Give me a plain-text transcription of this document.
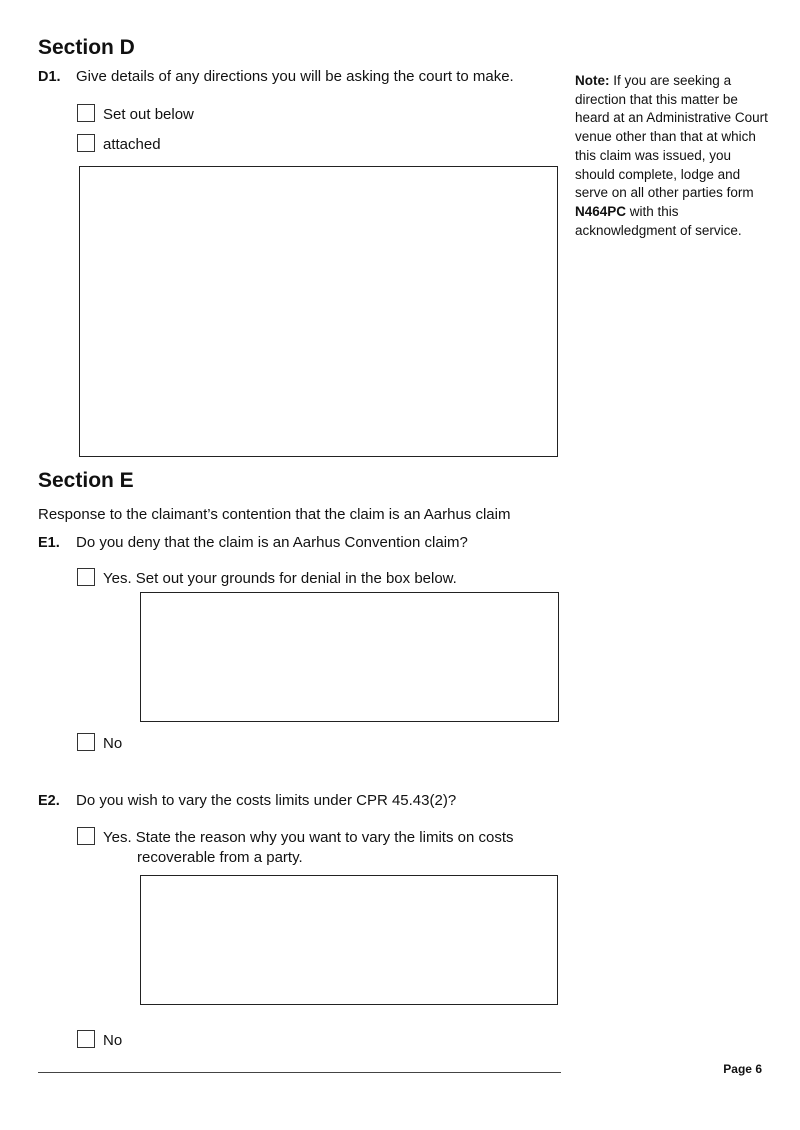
Section D
D1. Give details of any directions you will be asking the court to make.
Set out below
attached
Note: If you are seeking a direction that this matter be heard at an Administrative Court venue other than that at which this claim was issued, you should complete, lodge and serve on all other parties form N464PC with this acknowledgment of service.
Section E
Response to the claimant’s contention that the claim is an Aarhus claim
E1. Do you deny that the claim is an Aarhus Convention claim?
Yes. Set out your grounds for denial in the box below.
No
E2. Do you wish to vary the costs limits under CPR 45.43(2)?
Yes. State the reason why you want to vary the limits on costs
recoverable from a party.
No
Page 6
